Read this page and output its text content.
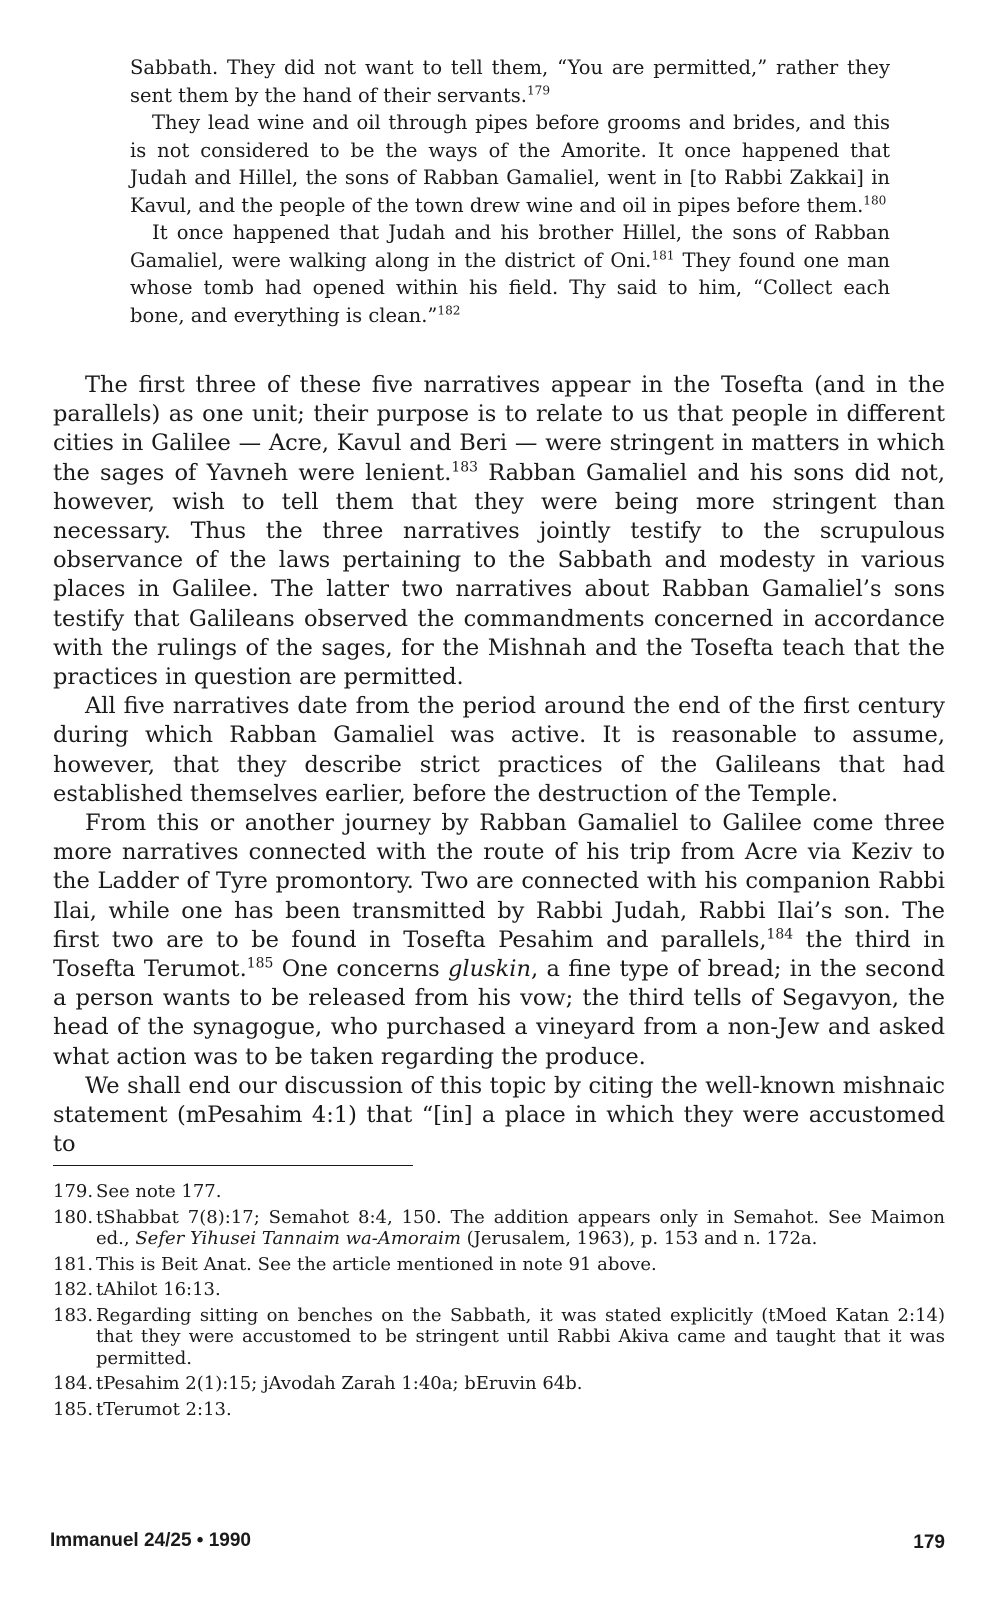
Sabbath. They did not want to tell them, “You are permitted,” rather they sent them by the hand of their servants.$^{179}$

They lead wine and oil through pipes before grooms and brides, and this is not considered to be the ways of the Amorite. It once happened that Judah and Hillel, the sons of Rabban Gamaliel, went in [to Rabbi Zakkai] in Kavul, and the people of the town drew wine and oil in pipes before them.$^{180}$

It once happened that Judah and his brother Hillel, the sons of Rabban Gamaliel, were walking along in the district of Oni.$^{181}$ They found one man whose tomb had opened within his field. Thy said to him, “Collect each bone, and everything is clean.”$^{182}$

The first three of these five narratives appear in the Tosefta (and in the parallels) as one unit; their purpose is to relate to us that people in different cities in Galilee — Acre, Kavul and Beri — were stringent in matters in which the sages of Yavneh were lenient.$^{183}$ Rabban Gamaliel and his sons did not, however, wish to tell them that they were being more stringent than necessary. Thus the three narratives jointly testify to the scrupulous observance of the laws pertaining to the Sabbath and modesty in various places in Galilee. The latter two narratives about Rabban Gamaliel’s sons testify that Galileans observed the commandments concerned in accordance with the rulings of the sages, for the Mishnah and the Tosefta teach that the practices in question are permitted.

All five narratives date from the period around the end of the first century during which Rabban Gamaliel was active. It is reasonable to assume, however, that they describe strict practices of the Galileans that had established themselves earlier, before the destruction of the Temple.

From this or another journey by Rabban Gamaliel to Galilee come three more narratives connected with the route of his trip from Acre via Keziv to the Ladder of Tyre promontory. Two are connected with his companion Rabbi Ilai, while one has been transmitted by Rabbi Judah, Rabbi Ilai’s son. The first two are to be found in Tosefta Pesahim and parallels,$^{184}$ the third in Tosefta Terumot.$^{185}$ One concerns gluskin, a fine type of bread; in the second a person wants to be released from his vow; the third tells of Segavyon, the head of the synagogue, who purchased a vineyard from a non-Jew and asked what action was to be taken regarding the produce.

We shall end our discussion of this topic by citing the well-known mishnaic statement (mPesahim 4:1) that “[in] a place in which they were accustomed to

179. See note 177.
180. tShabbat 7(8):17; Semahot 8:4, 150. The addition appears only in Semahot. See Maimon ed., Sefer Yihusei Tannaim wa-Amoraim (Jerusalem, 1963), p. 153 and n. 172a.
181. This is Beit Anat. See the article mentioned in note 91 above.
182. tAhilot 16:13.
183. Regarding sitting on benches on the Sabbath, it was stated explicitly (tMoed Katan 2:14) that they were accustomed to be stringent until Rabbi Akiva came and taught that it was permitted.
184. tPesahim 2(1):15; jAvodah Zarah 1:40a; bEruvin 64b.
185. tTerumot 2:13.
Immanuel 24/25 • 1990	179
